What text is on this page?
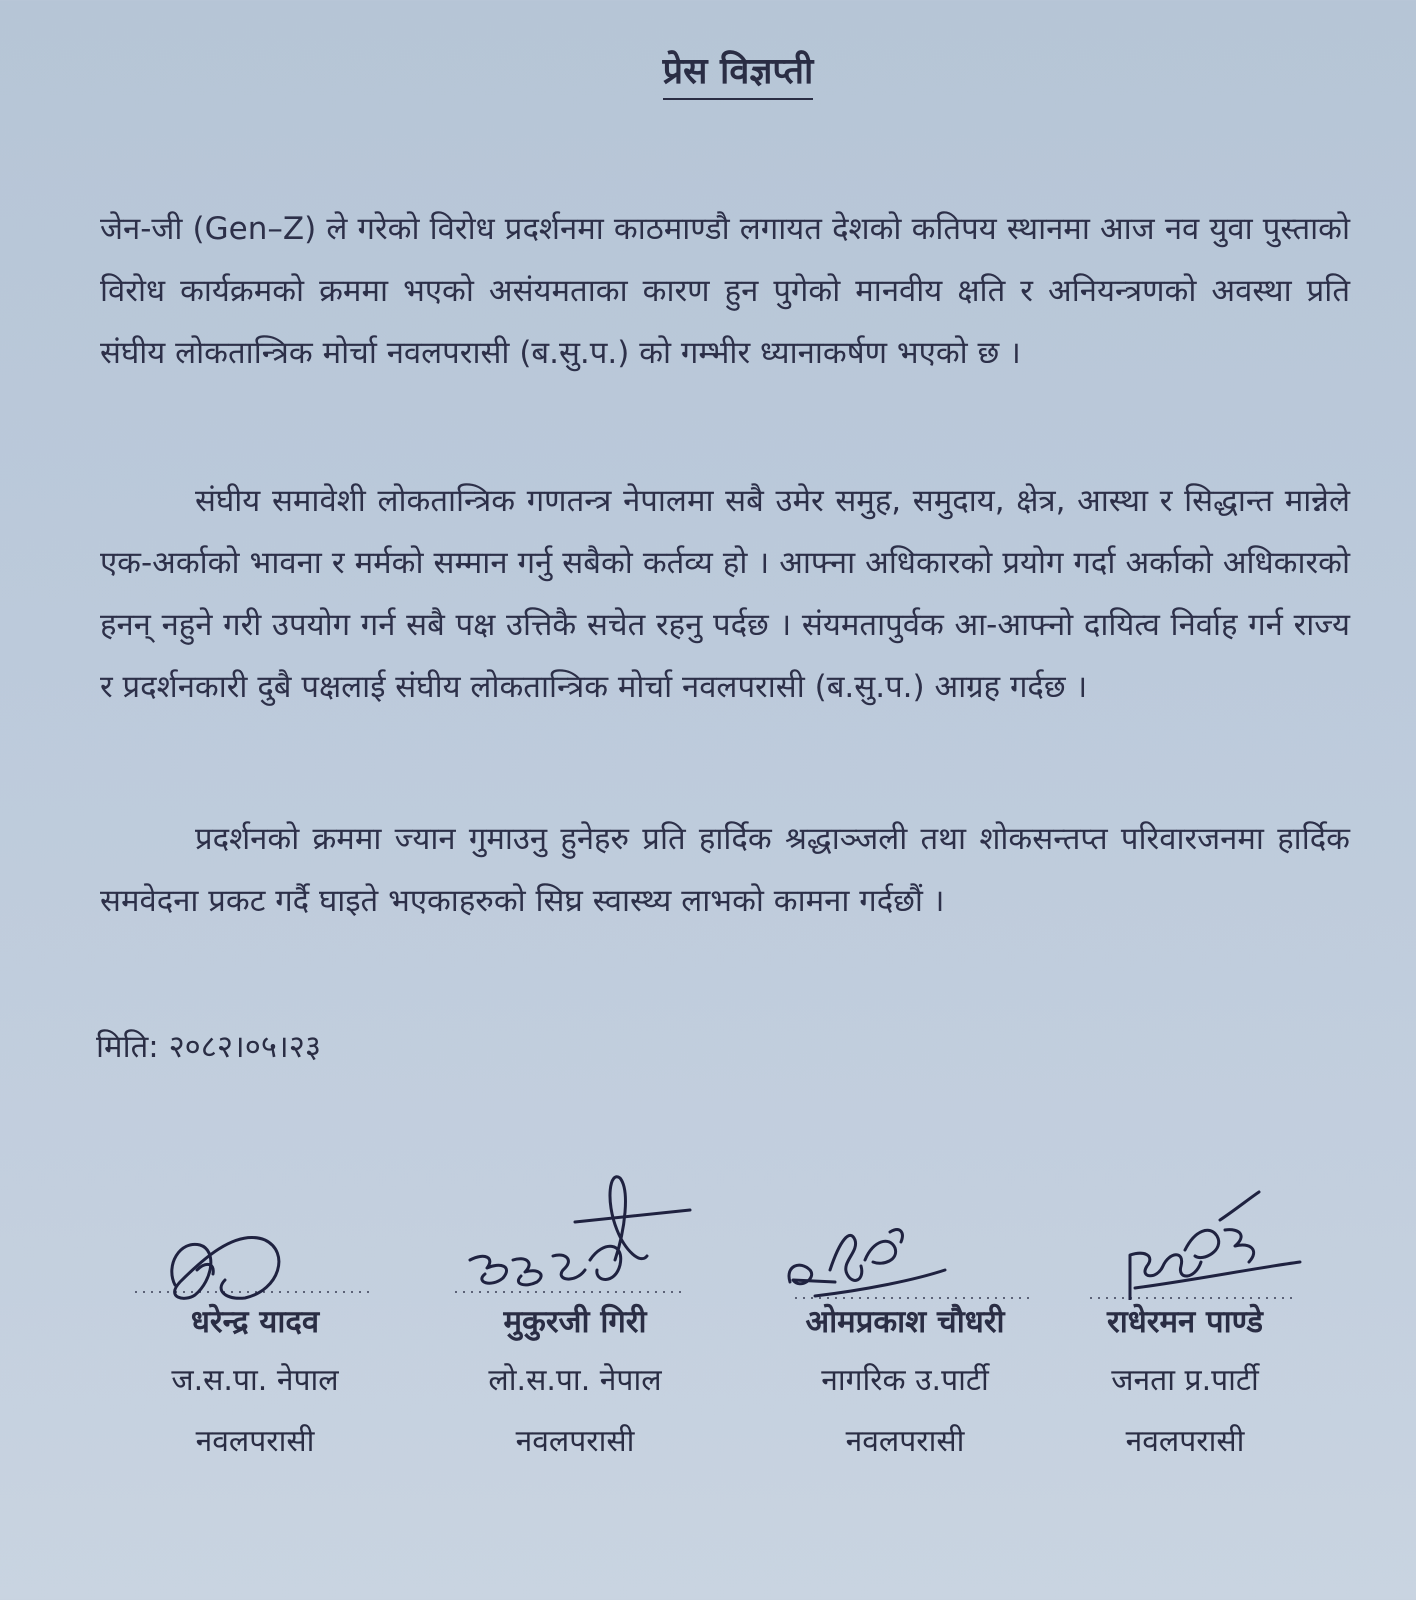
प्रेस विज्ञप्ती

जेन-जी (Gen–Z) ले गरेको विरोध प्रदर्शनमा काठमाण्डौ लगायत देशको कतिपय स्थानमा आज नव युवा पुस्ताको विरोध कार्यक्रमको क्रममा भएको असंयमताका कारण हुन पुगेको मानवीय क्षति र अनियन्त्रणको अवस्था प्रति संघीय लोकतान्त्रिक मोर्चा नवलपरासी (ब.सु.प.) को गम्भीर ध्यानाकर्षण भएको छ ।

संघीय समावेशी लोकतान्त्रिक गणतन्त्र नेपालमा सबै उमेर समुह, समुदाय, क्षेत्र, आस्था र सिद्धान्त मान्नेले एक-अर्काको भावना र मर्मको सम्मान गर्नु सबैको कर्तव्य हो । आफ्ना अधिकारको प्रयोग गर्दा अर्काको अधिकारको हनन् नहुने गरी उपयोग गर्न सबै पक्ष उत्तिकै सचेत रहनु पर्दछ । संयमतापुर्वक आ-आफ्नो दायित्व निर्वाह गर्न राज्य र प्रदर्शनकारी दुबै पक्षलाई संघीय लोकतान्त्रिक मोर्चा नवलपरासी (ब.सु.प.) आग्रह गर्दछ ।

प्रदर्शनको क्रममा ज्यान गुमाउनु हुनेहरु प्रति हार्दिक श्रद्धाञ्जली तथा शोकसन्तप्त परिवारजनमा हार्दिक समवेदना प्रकट गर्दै घाइते भएकाहरुको सिघ्र स्वास्थ्य लाभको कामना गर्दछौं ।

मिति: २०८२।०५।२३
धरेन्द्र यादव
ज.स.पा. नेपाल
नवलपरासी
मुकुरजी गिरी
लो.स.पा. नेपाल
नवलपरासी
ओमप्रकाश चौधरी
नागरिक उ.पार्टी
नवलपरासी
राधेरमन पाण्डे
जनता प्र.पार्टी
नवलपरासी
